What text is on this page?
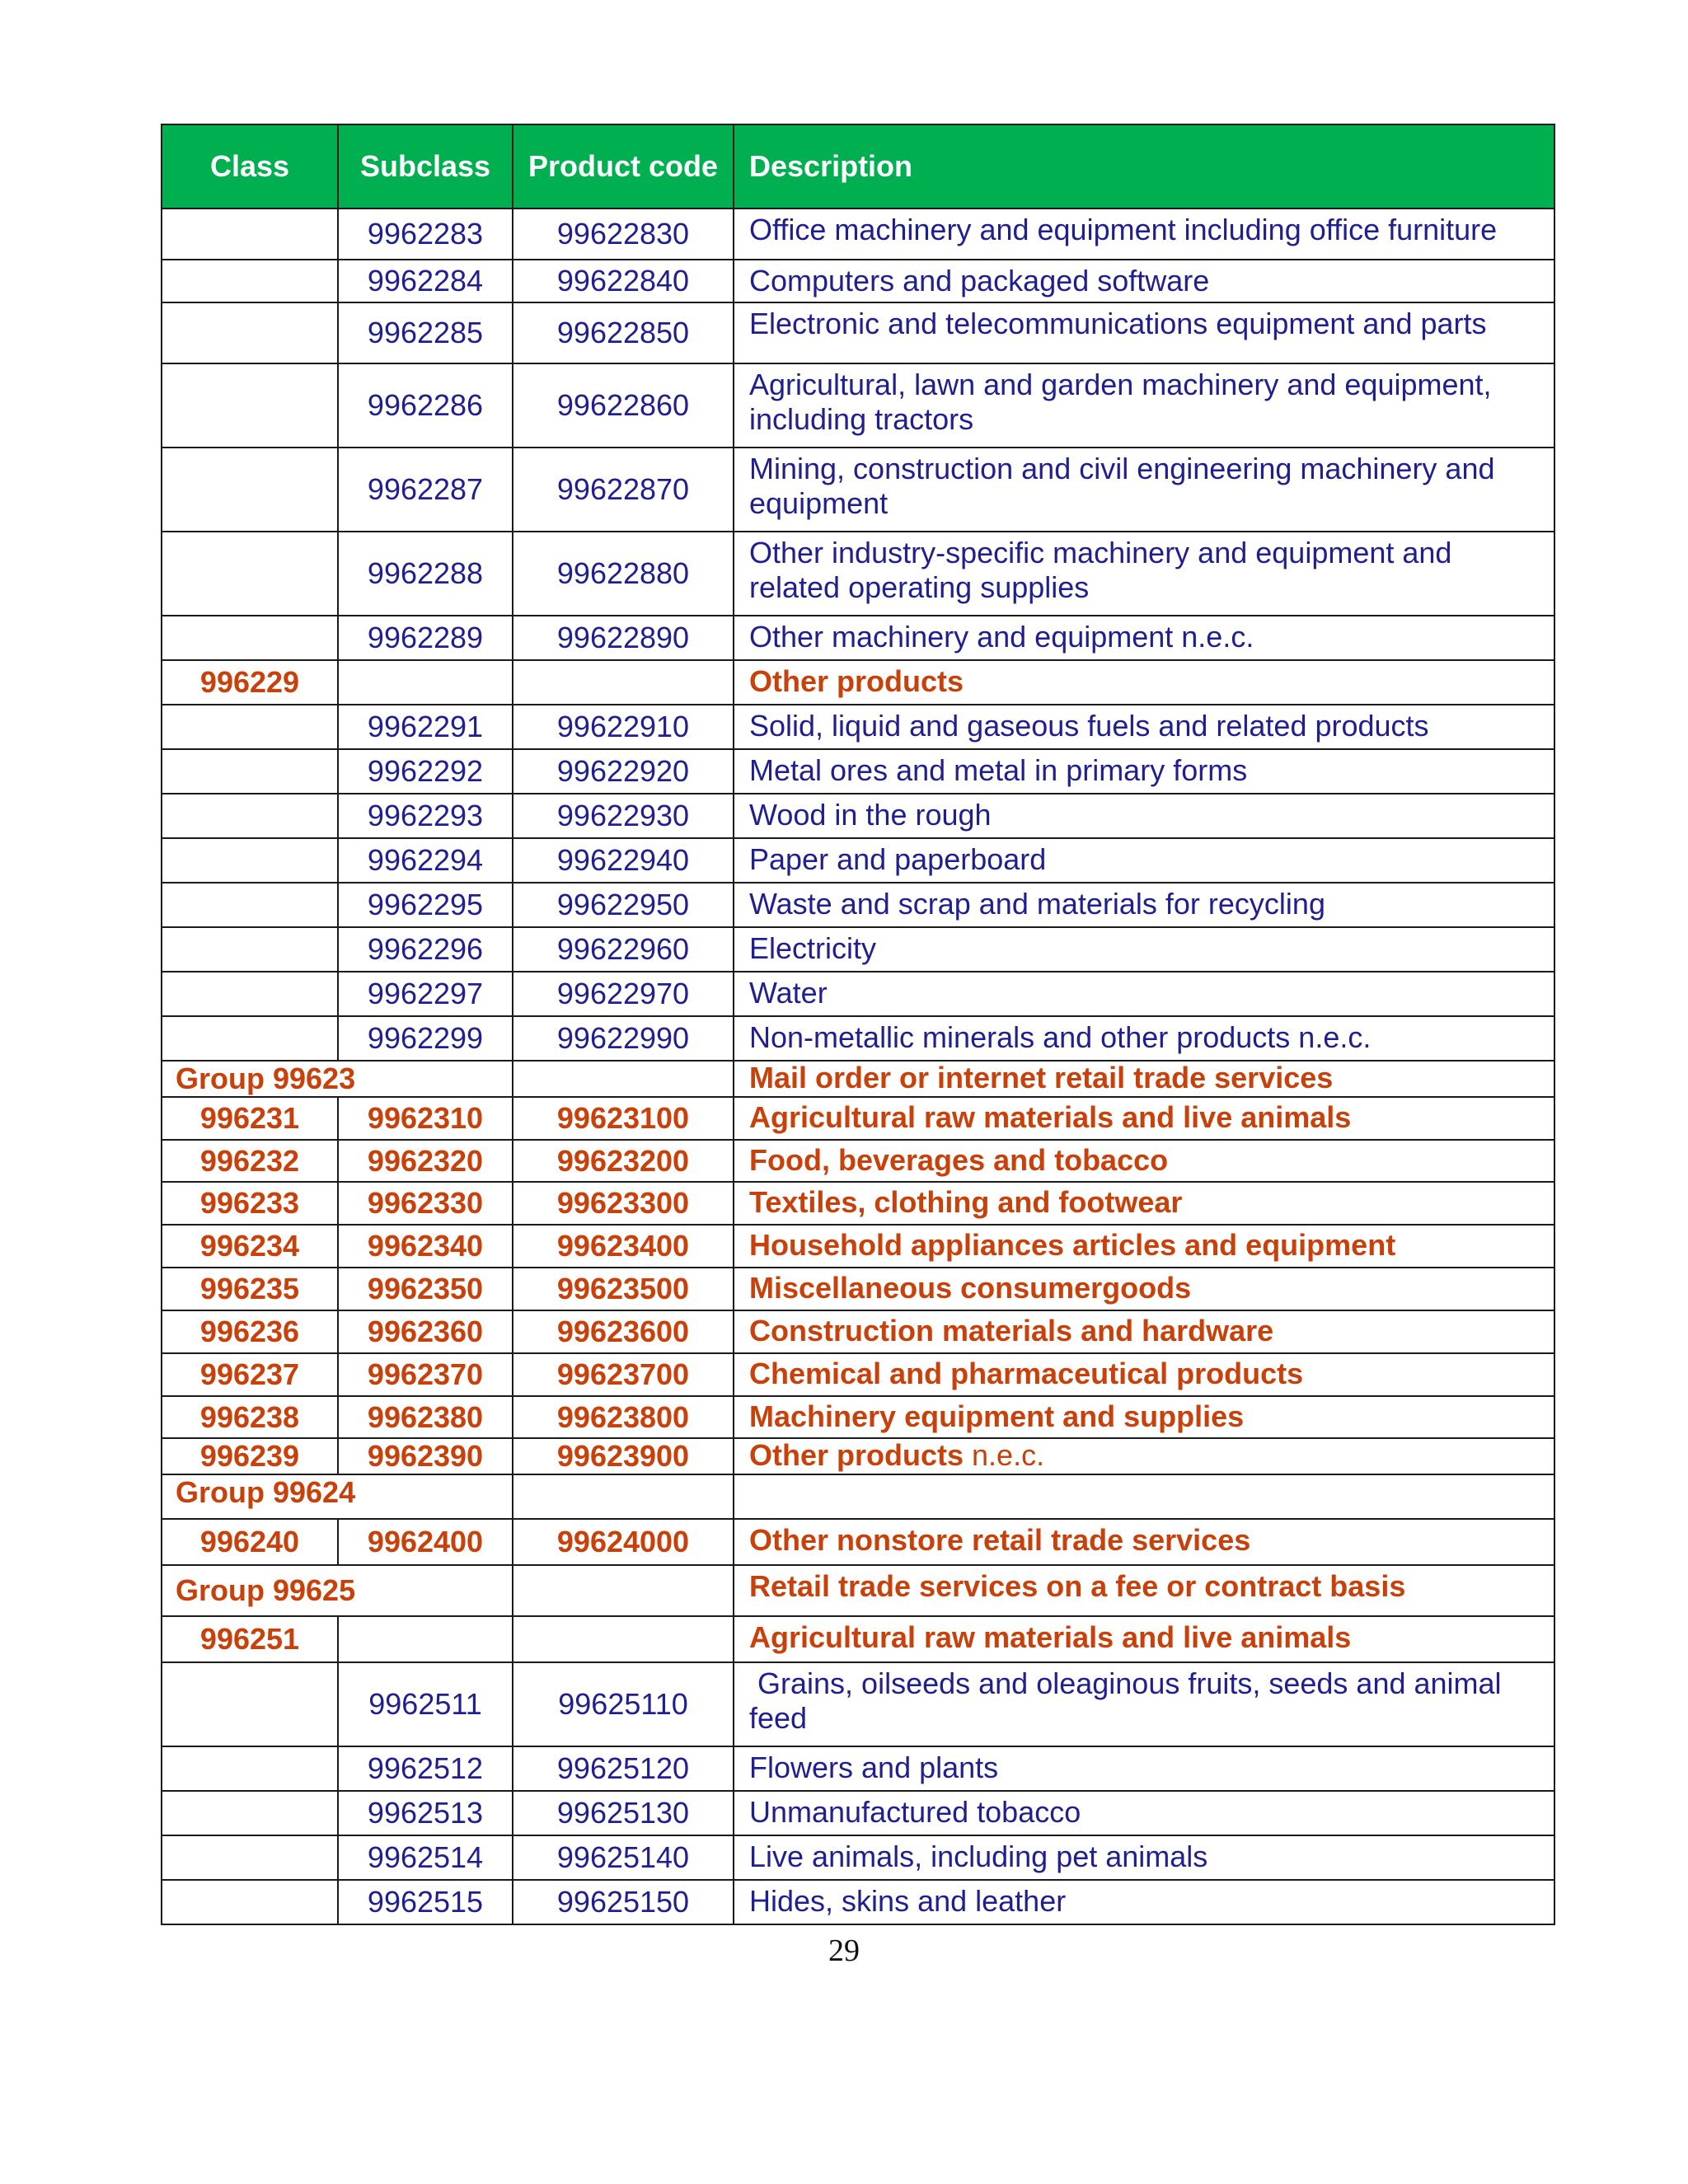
Class	Subclass	Product code	Description
	9962283	99622830	Office machinery and equipment including office furniture
	9962284	99622840	Computers and packaged software
	9962285	99622850	Electronic and telecommunications equipment and parts
	9962286	99622860	Agricultural, lawn and garden machinery and equipment, including tractors
	9962287	99622870	Mining, construction and civil engineering machinery and equipment
	9962288	99622880	Other industry-specific machinery and equipment and related operating supplies
	9962289	99622890	Other machinery and equipment n.e.c.
996229			Other products
	9962291	99622910	Solid, liquid and gaseous fuels and related products
	9962292	99622920	Metal ores and metal in primary forms
	9962293	99622930	Wood in the rough
	9962294	99622940	Paper and paperboard
	9962295	99622950	Waste and scrap and materials for recycling
	9962296	99622960	Electricity
	9962297	99622970	Water
	9962299	99622990	Non-metallic minerals and other products n.e.c.
Group 99623			Mail order or internet retail trade services
996231	9962310	99623100	Agricultural raw materials and live animals
996232	9962320	99623200	Food, beverages and tobacco
996233	9962330	99623300	Textiles, clothing and footwear
996234	9962340	99623400	Household appliances articles and equipment
996235	9962350	99623500	Miscellaneous consumergoods
996236	9962360	99623600	Construction materials and hardware
996237	9962370	99623700	Chemical and pharmaceutical products
996238	9962380	99623800	Machinery equipment and supplies
996239	9962390	99623900	Other products n.e.c.
Group 99624			
996240	9962400	99624000	Other nonstore retail trade services
Group 99625			Retail trade services on a fee or contract basis
996251			Agricultural raw materials and live animals
	9962511	99625110	Grains, oilseeds and oleaginous fruits, seeds and animal feed
	9962512	99625120	Flowers and plants
	9962513	99625130	Unmanufactured tobacco
	9962514	99625140	Live animals, including pet animals
	9962515	99625150	Hides, skins and leather
29
